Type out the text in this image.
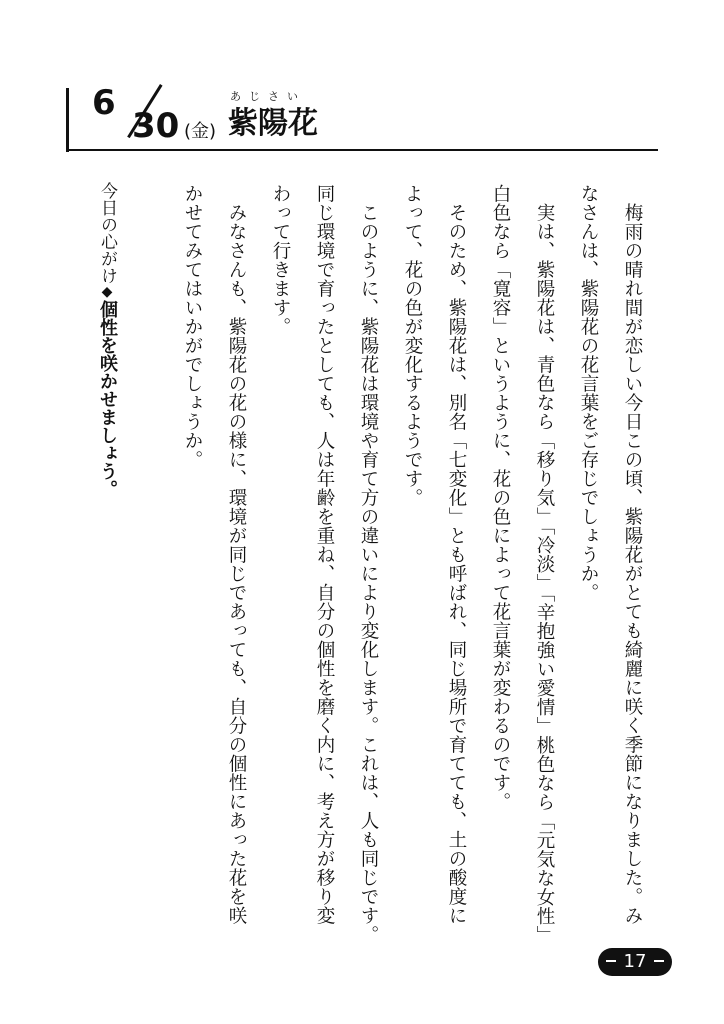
6
30 (金)
あじさい
紫陽花

　梅雨の晴れ間が恋しい今日この頃、紫陽花がとても綺麗に咲く季節になりました。み

なさんは、紫陽花の花言葉をご存じでしょうか。

　実は、紫陽花は、青色なら「移り気」「冷淡」「辛抱強い愛情」桃色なら「元気な女性」

白色なら「寛容」というように、花の色によって花言葉が変わるのです。

　そのため、紫陽花は、別名「七変化」とも呼ばれ、同じ場所で育てても、土の酸度に

よって、花の色が変化するようです。

　このように、紫陽花は環境や育て方の違いにより変化します。これは、人も同じです。

同じ環境で育ったとしても、人は年齢を重ね、自分の個性を磨く内に、考え方が移り変

わって行きます。

　みなさんも、紫陽花の花の様に、環境が同じであっても、自分の個性にあった花を咲

かせてみてはいかがでしょうか。

今日の心がけ◆個性を咲かせましょう。
17
